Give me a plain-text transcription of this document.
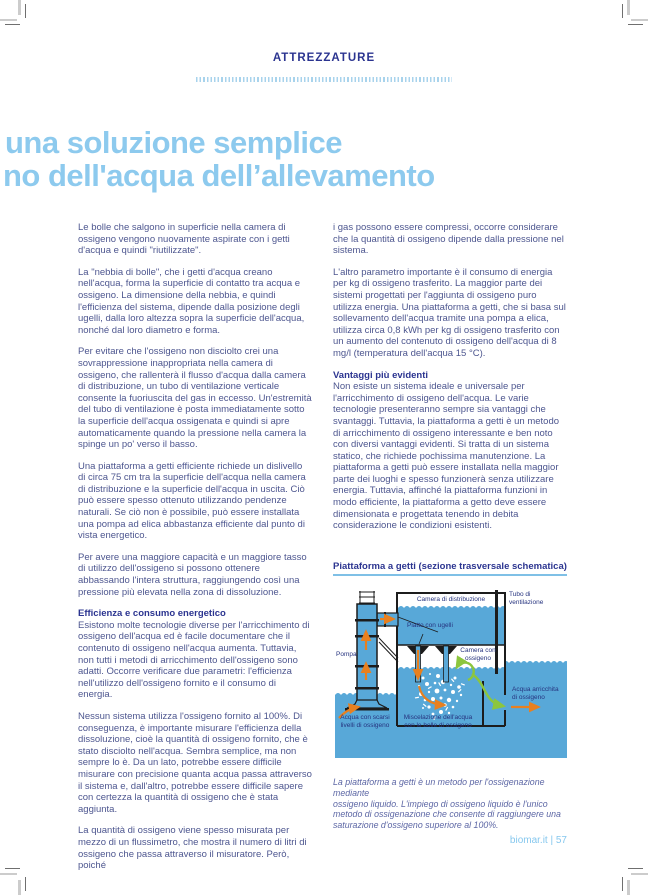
ATTREZZATURE
una soluzione semplice
no dell'acqua dell’allevamento

Le bolle che salgono in superficie nella camera di ossigeno vengono nuovamente aspirate con i getti d'acqua e quindi "riutilizzate".

La "nebbia di bolle", che i getti d'acqua creano nell'acqua, forma la superficie di contatto tra acqua e ossigeno. La dimensione della nebbia, e quindi l'efficienza del sistema, dipende dalla posizione degli ugelli, dalla loro altezza sopra la superficie dell'acqua, nonché dal loro diametro e forma.

Per evitare che l'ossigeno non disciolto crei una sovrappressione inappropriata nella camera di ossigeno, che rallenterà il flusso d'acqua dalla camera di distribuzione, un tubo di ventilazione verticale consente la fuoriuscita del gas in eccesso. Un'estremità del tubo di ventilazione è posta immediatamente sotto la superficie dell'acqua ossigenata e quindi si apre automaticamente quando la pressione nella camera la spinge un po' verso il basso.

Una piattaforma a getti efficiente richiede un dislivello di circa 75 cm tra la superficie dell'acqua nella camera di distribuzione e la superficie dell'acqua in uscita. Ciò può essere spesso ottenuto utilizzando pendenze naturali. Se ciò non è possibile, può essere installata una pompa ad elica abbastanza efficiente dal punto di vista energetico.

Per avere una maggiore capacità e un maggiore tasso di utilizzo dell'ossigeno si possono ottenere abbassando l'intera struttura, raggiungendo così una pressione più elevata nella zona di dissoluzione.

Efficienza e consumo energetico

Esistono molte tecnologie diverse per l'arricchimento di ossigeno dell'acqua ed è facile documentare che il contenuto di ossigeno nell'acqua aumenta. Tuttavia, non tutti i metodi di arricchimento dell'ossigeno sono adatti. Occorre verificare due parametri: l'efficienza nell'utilizzo dell'ossigeno fornito e il consumo di energia.

Nessun sistema utilizza l'ossigeno fornito al 100%. Di conseguenza, è importante misurare l'efficienza della dissoluzione, cioè la quantità di ossigeno fornito, che è stato disciolto nell'acqua. Sembra semplice, ma non sempre lo è. Da un lato, potrebbe essere difficile misurare con precisione quanta acqua passa attraverso il sistema e, dall'altro, potrebbe essere difficile sapere con certezza la quantità di ossigeno che è stata aggiunta.

La quantità di ossigeno viene spesso misurata per mezzo di un flussimetro, che mostra il numero di litri di ossigeno che passa attraverso il misuratore. Però, poiché

i gas possono essere compressi, occorre considerare che la quantità di ossigeno dipende dalla pressione nel sistema.

L'altro parametro importante è il consumo di energia per kg di ossigeno trasferito. La maggior parte dei sistemi progettati per l'aggiunta di ossigeno puro utilizza energia. Una piattaforma a getti, che si basa sul sollevamento dell'acqua tramite una pompa a elica, utilizza circa 0,8 kWh per kg di ossigeno trasferito con un aumento del contenuto di ossigeno dell'acqua di 8 mg/l (temperatura dell'acqua 15 °C).

Vantaggi più evidenti

Non esiste un sistema ideale e universale per l'arricchimento di ossigeno dell'acqua. Le varie tecnologie presenteranno sempre sia vantaggi che svantaggi. Tuttavia, la piattaforma a getti è un metodo di arricchimento di ossigeno interessante e ben noto con diversi vantaggi evidenti. Si tratta di un sistema statico, che richiede pochissima manutenzione. La piattaforma a getti può essere installata nella maggior parte dei luoghi e spesso funzionerà senza utilizzare energia. Tuttavia, affinché la piattaforma funzioni in modo efficiente, la piattaforma a getto deve essere dimensionata e progettata tenendo in debita considerazione le condizioni esistenti.

Piattaforma a getti (sezione trasversale schematica)
Camera di distribuzione
Tubo di
ventilazione
Piatto con ugelli
Camera con
ossigeno
Pompa
Acqua con scarsi
livelli di ossigeno
Miscelazione dell'acqua
con le bolle di ossigeno
Acqua arricchita
di ossigeno
La piattaforma a getti è un metodo per l'ossigenazione mediante
ossigeno liquido. L'impiego di ossigeno liquido è l'unico
metodo di ossigenazione che consente di raggiungere una
saturazione d'ossigeno superiore al 100%.
biomar.it | 57
